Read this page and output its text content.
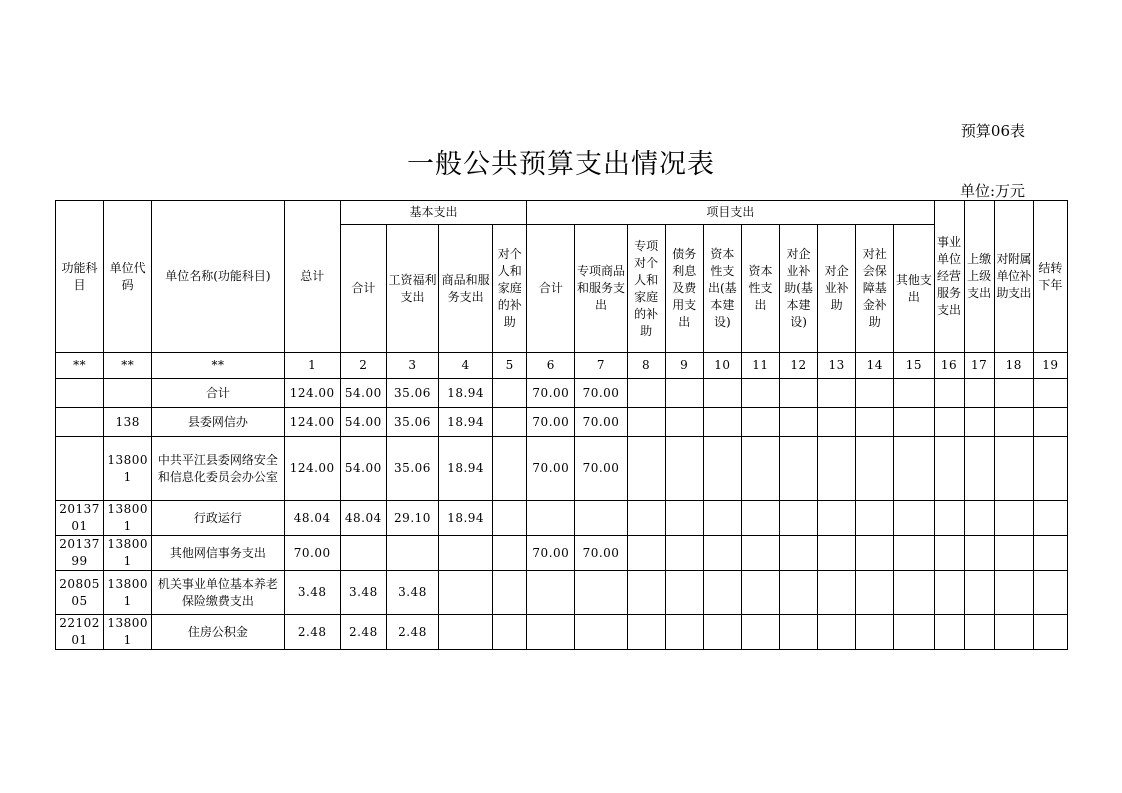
预算06表
一般公共预算支出情况表
单位:万元
功能科目	单位代码	单位名称(功能科目)	总计	基本支出				项目支出										事业单位经营服务支出	上缴上级支出	对附属单位补助支出	结转下年
				合计	工资福利支出	商品和服务支出	对个人和家庭的补助	合计	专项商品和服务支出	专项对个人和家庭的补助	债务利息及费用支出	资本性支出(基本建设)	资本性支出	对企业补助(基本建设)	对企业补助	对社会保障基金补助	其他支出				
**	**	**	1	2	3	4	5	6	7	8	9	10	11	12	13	14	15	16	17	18	19
		合计	124.00	54.00	35.06	18.94		70.00	70.00												
	138	县委网信办	124.00	54.00	35.06	18.94		70.00	70.00												
	138001	中共平江县委网络安全和信息化委员会办公室	124.00	54.00	35.06	18.94		70.00	70.00												
2013701	138001	行政运行	48.04	48.04	29.10	18.94															
2013799	138001	其他网信事务支出	70.00					70.00	70.00												
2080505	138001	机关事业单位基本养老保险缴费支出	3.48	3.48	3.48																
2210201	138001	住房公积金	2.48	2.48	2.48																
